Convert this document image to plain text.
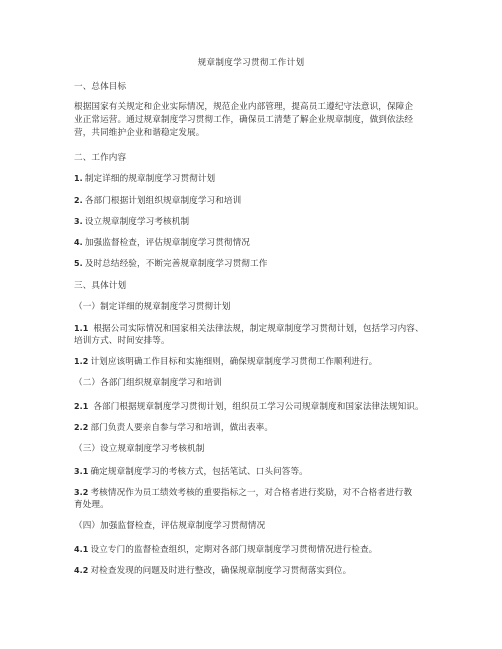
规章制度学习贯彻工作计划
一、总体目标
根据国家有关规定和企业实际情况，规范企业内部管理，提高员工遵纪守法意识，保障企
业正常运营。通过规章制度学习贯彻工作，确保员工清楚了解企业规章制度，做到依法经
营，共同维护企业和谐稳定发展。
二、工作内容
1. 制定详细的规章制度学习贯彻计划
2. 各部门根据计划组织规章制度学习和培训
3. 设立规章制度学习考核机制
4. 加强监督检查，评估规章制度学习贯彻情况
5. 及时总结经验，不断完善规章制度学习贯彻工作
三、具体计划
（一）制定详细的规章制度学习贯彻计划
1.1 根据公司实际情况和国家相关法律法规，制定规章制度学习贯彻计划，包括学习内容、
培训方式、时间安排等。
1.2 计划应该明确工作目标和实施细则，确保规章制度学习贯彻工作顺利进行。
（二）各部门组织规章制度学习和培训
2.1 各部门根据规章制度学习贯彻计划，组织员工学习公司规章制度和国家法律法规知识。
2.2 部门负责人要亲自参与学习和培训，做出表率。
（三）设立规章制度学习考核机制
3.1 确定规章制度学习的考核方式，包括笔试、口头问答等。
3.2 考核情况作为员工绩效考核的重要指标之一，对合格者进行奖励，对不合格者进行教
育处理。
（四）加强监督检查，评估规章制度学习贯彻情况
4.1 设立专门的监督检查组织，定期对各部门规章制度学习贯彻情况进行检查。
4.2 对检查发现的问题及时进行整改，确保规章制度学习贯彻落实到位。
